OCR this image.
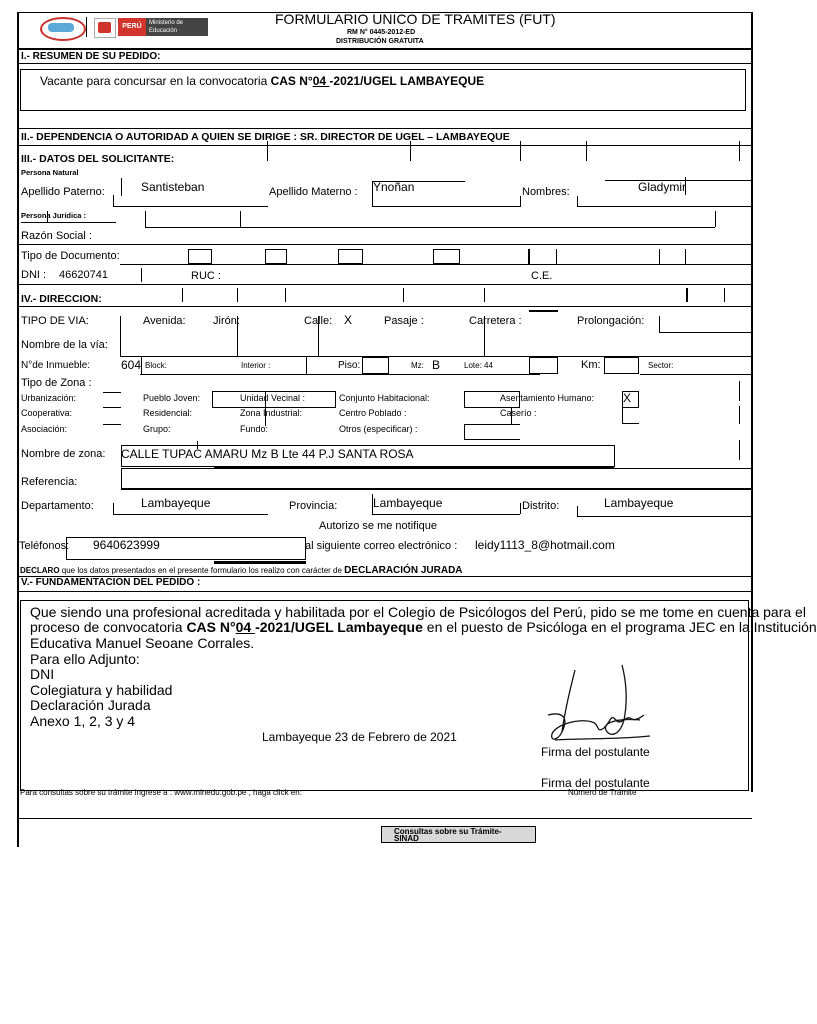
PERÚ	Ministerio de Educación
FORMULARIO UNICO DE TRAMITES (FUT)
RM N° 0445-2012-ED
DISTRIBUCIÓN GRATUITA
I.- RESUMEN DE SU PEDIDO:
Vacante para concursar en la convocatoria CAS N°04 -2021/UGEL LAMBAYEQUE
II.- DEPENDENCIA O AUTORIDAD A QUIEN SE DIRIGE : SR. DIRECTOR DE UGEL – LAMBAYEQUE
III.- DATOS DEL SOLICITANTE:
Persona Natural
Apellido Paterno:	Santisteban	Apellido Materno : Ynoñan	Nombres:	Gladymir
Persona Jurídica :
Razón Social :
Tipo de Documento:
DNI : 46620741	RUC :	C.E.
IV.- DIRECCION:
TIPO DE VIA:	Avenida: Jirón:	Calle: X	Pasaje :	Carretera :	Prolongación:
Nombre de la vía:
N°de Inmueble:	604 Block:	Interior :	Piso:	Mz: B	Lote: 44	Km:	Sector:
Tipo de Zona :
Urbanización:	Pueblo Joven:	Unidad Vecinal :	Conjunto Habitacional:	Asentamiento Humano: X
Cooperativa:	Residencial:	Zona Industrial:	Centro Poblado :	Caserío :
Asociación:	Grupo:	Fundo:	Otros (especificar) :
Nombre de zona: CALLE TUPAC AMARU Mz B Lte 44 P.J SANTA ROSA
Referencia:
Departamento:	Lambayeque	Provincia:	Lambayeque	Distrito:	Lambayeque
Autorizo se me notifique
Teléfonos: 9640623999	al siguiente correo electrónico : leidy1113_8@hotmail.com
DECLARO que los datos presentados en el presente formulario los realizo con carácter de DECLARACIÓN JURADA
V.- FUNDAMENTACION DEL PEDIDO :
Que siendo una profesional acreditada y habilitada por el Colegio de Psicólogos del Perú, pido se me tome en cuenta para el
proceso de convocatoria CAS N°04 -2021/UGEL Lambayeque en el puesto de Psicóloga en el programa JEC en la Institución
Educativa Manuel Seoane Corrales.
Para ello Adjunto:
DNI
Colegiatura y habilidad
Declaración Jurada
Anexo 1, 2, 3 y 4
Lambayeque 23 de Febrero de 2021
Firma del postulante
Firma del postulante
Para consultas sobre su trámite ingrese a : www.minedu.gob.pe , haga click en:	Número de Trámite
Consultas sobre su Trámite-SINAD
